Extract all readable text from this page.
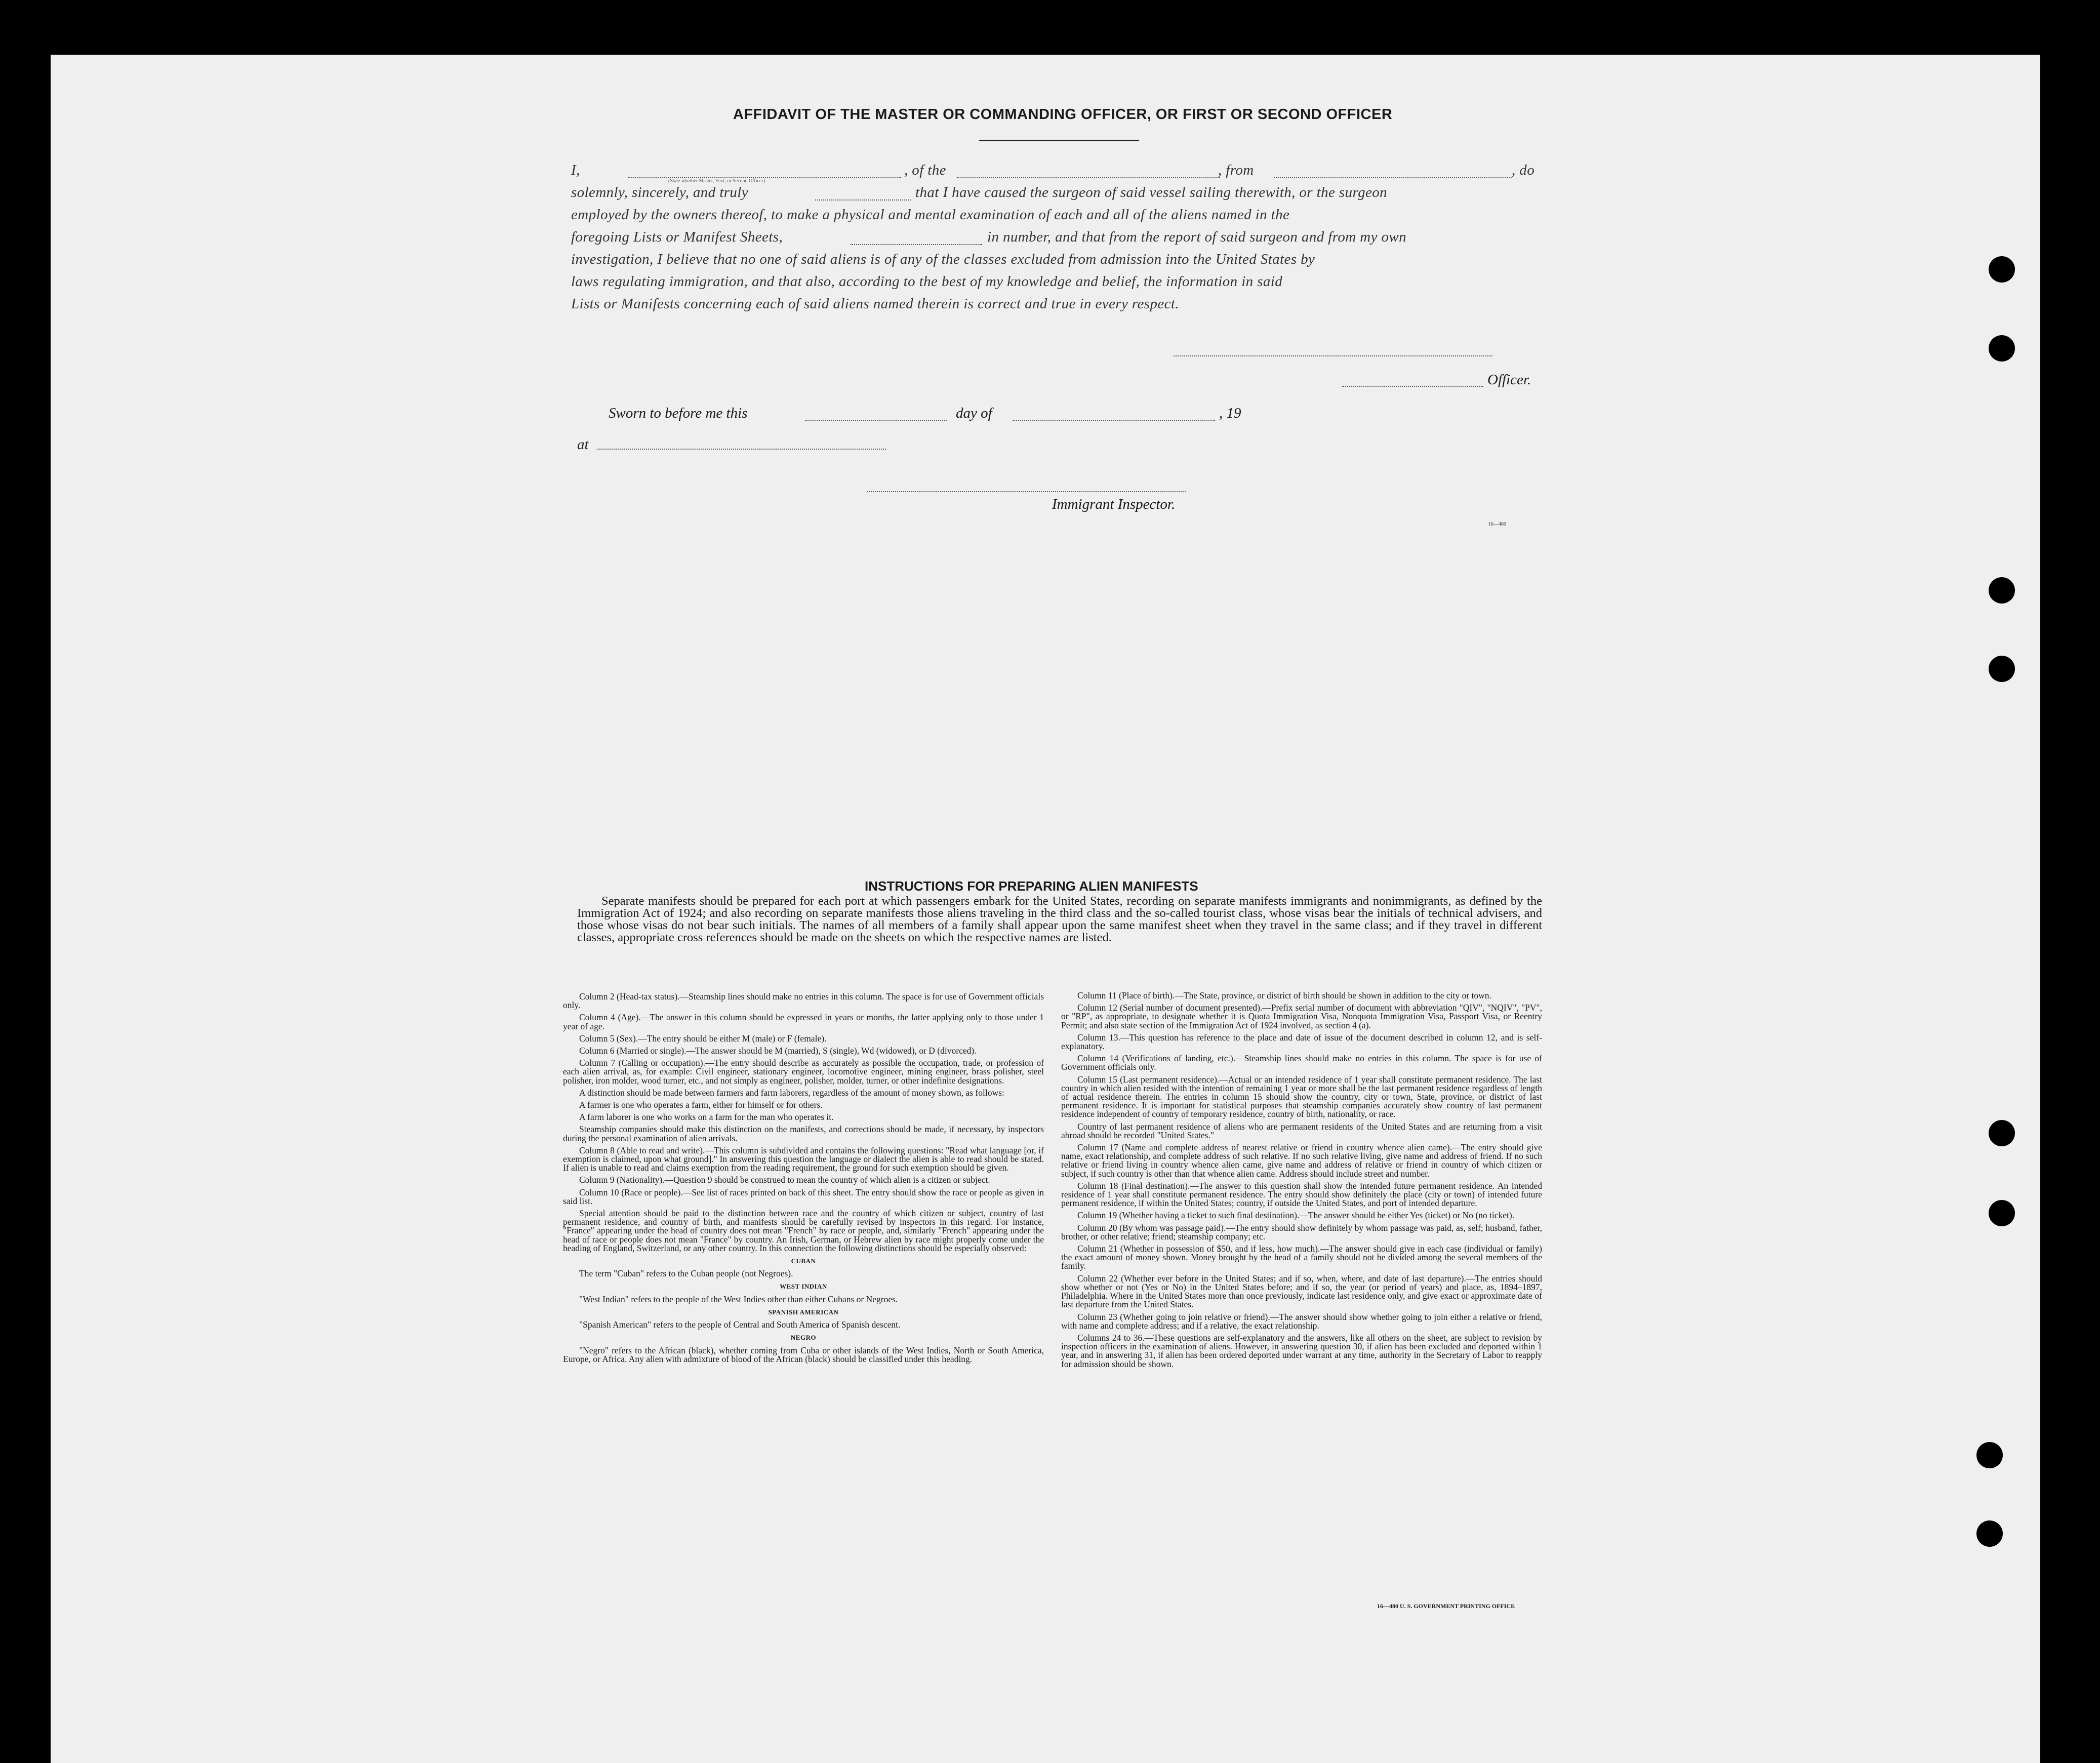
AFFIDAVIT OF THE MASTER OR COMMANDING OFFICER, OR FIRST OR SECOND OFFICER
I,
(State whether Master, First, or Second Officer)
, of the	, from	, do
solemnly, sincerely, and truly	that I have caused the surgeon of said vessel sailing therewith, or the surgeon
employed by the owners thereof, to make a physical and mental examination of each and all of the aliens named in the
foregoing Lists or Manifest Sheets,	in number, and that from the report of said surgeon and from my own
investigation, I believe that no one of said aliens is of any of the classes excluded from admission into the United States by
laws regulating immigration, and that also, according to the best of my knowledge and belief, the information in said
Lists or Manifests concerning each of said aliens named therein is correct and true in every respect.
Officer.
Sworn to before me this	day of	, 19
at
Immigrant Inspector.
16—480
INSTRUCTIONS FOR PREPARING ALIEN MANIFESTS
Separate manifests should be prepared for each port at which passengers embark for the United States, recording on separate manifests immigrants and nonimmigrants, as defined by the Immigration Act of 1924; and also recording on separate manifests those aliens traveling in the third class and the so-called tourist class, whose visas bear the initials of technical advisers, and those whose visas do not bear such initials. The names of all members of a family shall appear upon the same manifest sheet when they travel in the same class; and if they travel in different classes, appropriate cross references should be made on the sheets on which the respective names are listed.

Column 2 (Head-tax status).—Steamship lines should make no entries in this column. The space is for use of Government officials only.

Column 4 (Age).—The answer in this column should be expressed in years or months, the latter applying only to those under 1 year of age.

Column 5 (Sex).—The entry should be either M (male) or F (female).

Column 6 (Married or single).—The answer should be M (married), S (single), Wd (widowed), or D (divorced).

Column 7 (Calling or occupation).—The entry should describe as accurately as possible the occupation, trade, or profession of each alien arrival, as, for example: Civil engineer, stationary engineer, locomotive engineer, mining engineer, brass polisher, steel polisher, iron molder, wood turner, etc., and not simply as engineer, polisher, molder, turner, or other indefinite designations.

A distinction should be made between farmers and farm laborers, regardless of the amount of money shown, as follows:

A farmer is one who operates a farm, either for himself or for others.

A farm laborer is one who works on a farm for the man who operates it.

Steamship companies should make this distinction on the manifests, and corrections should be made, if necessary, by inspectors during the personal examination of alien arrivals.

Column 8 (Able to read and write).—This column is subdivided and contains the following questions: "Read what language [or, if exemption is claimed, upon what ground]." In answering this question the language or dialect the alien is able to read should be stated. If alien is unable to read and claims exemption from the reading requirement, the ground for such exemption should be given.

Column 9 (Nationality).—Question 9 should be construed to mean the country of which alien is a citizen or subject.

Column 10 (Race or people).—See list of races printed on back of this sheet. The entry should show the race or people as given in said list.

Special attention should be paid to the distinction between race and the country of which citizen or subject, country of last permanent residence, and country of birth, and manifests should be carefully revised by inspectors in this regard. For instance, "France" appearing under the head of country does not mean "French" by race or people, and, similarly "French" appearing under the head of race or people does not mean "France" by country. An Irish, German, or Hebrew alien by race might properly come under the heading of England, Switzerland, or any other country. In this connection the following distinctions should be especially observed:

CUBAN

The term "Cuban" refers to the Cuban people (not Negroes).

WEST INDIAN

"West Indian" refers to the people of the West Indies other than either Cubans or Negroes.

SPANISH AMERICAN

"Spanish American" refers to the people of Central and South America of Spanish descent.

NEGRO

"Negro" refers to the African (black), whether coming from Cuba or other islands of the West Indies, North or South America, Europe, or Africa. Any alien with admixture of blood of the African (black) should be classified under this heading.

Column 11 (Place of birth).—The State, province, or district of birth should be shown in addition to the city or town.

Column 12 (Serial number of document presented).—Prefix serial number of document with abbreviation "QIV", "NQIV", "PV", or "RP", as appropriate, to designate whether it is Quota Immigration Visa, Nonquota Immigration Visa, Passport Visa, or Reentry Permit; and also state section of the Immigration Act of 1924 involved, as section 4 (a).

Column 13.—This question has reference to the place and date of issue of the document described in column 12, and is self-explanatory.

Column 14 (Verifications of landing, etc.).—Steamship lines should make no entries in this column. The space is for use of Government officials only.

Column 15 (Last permanent residence).—Actual or an intended residence of 1 year shall constitute permanent residence. The last country in which alien resided with the intention of remaining 1 year or more shall be the last permanent residence regardless of length of actual residence therein. The entries in column 15 should show the country, city or town, State, province, or district of last permanent residence. It is important for statistical purposes that steamship companies accurately show country of last permanent residence independent of country of temporary residence, country of birth, nationality, or race.

Country of last permanent residence of aliens who are permanent residents of the United States and are returning from a visit abroad should be recorded "United States."

Column 17 (Name and complete address of nearest relative or friend in country whence alien came).—The entry should give name, exact relationship, and complete address of such relative. If no such relative living, give name and address of friend. If no such relative or friend living in country whence alien came, give name and address of relative or friend in country of which citizen or subject, if such country is other than that whence alien came. Address should include street and number.

Column 18 (Final destination).—The answer to this question shall show the intended future permanent residence. An intended residence of 1 year shall constitute permanent residence. The entry should show definitely the place (city or town) of intended future permanent residence, if within the United States; country, if outside the United States, and port of intended departure.

Column 19 (Whether having a ticket to such final destination).—The answer should be either Yes (ticket) or No (no ticket).

Column 20 (By whom was passage paid).—The entry should show definitely by whom passage was paid, as, self; husband, father, brother, or other relative; friend; steamship company; etc.

Column 21 (Whether in possession of $50, and if less, how much).—The answer should give in each case (individual or family) the exact amount of money shown. Money brought by the head of a family should not be divided among the several members of the family.

Column 22 (Whether ever before in the United States; and if so, when, where, and date of last departure).—The entries should show whether or not (Yes or No) in the United States before; and if so, the year (or period of years) and place, as, 1894–1897, Philadelphia. Where in the United States more than once previously, indicate last residence only, and give exact or approximate date of last departure from the United States.

Column 23 (Whether going to join relative or friend).—The answer should show whether going to join either a relative or friend, with name and complete address; and if a relative, the exact relationship.

Columns 24 to 36.—These questions are self-explanatory and the answers, like all others on the sheet, are subject to revision by inspection officers in the examination of aliens. However, in answering question 30, if alien has been excluded and deported within 1 year, and in answering 31, if alien has been ordered deported under warrant at any time, authority in the Secretary of Labor to reapply for admission should be shown.

16—480 U. S. GOVERNMENT PRINTING OFFICE
